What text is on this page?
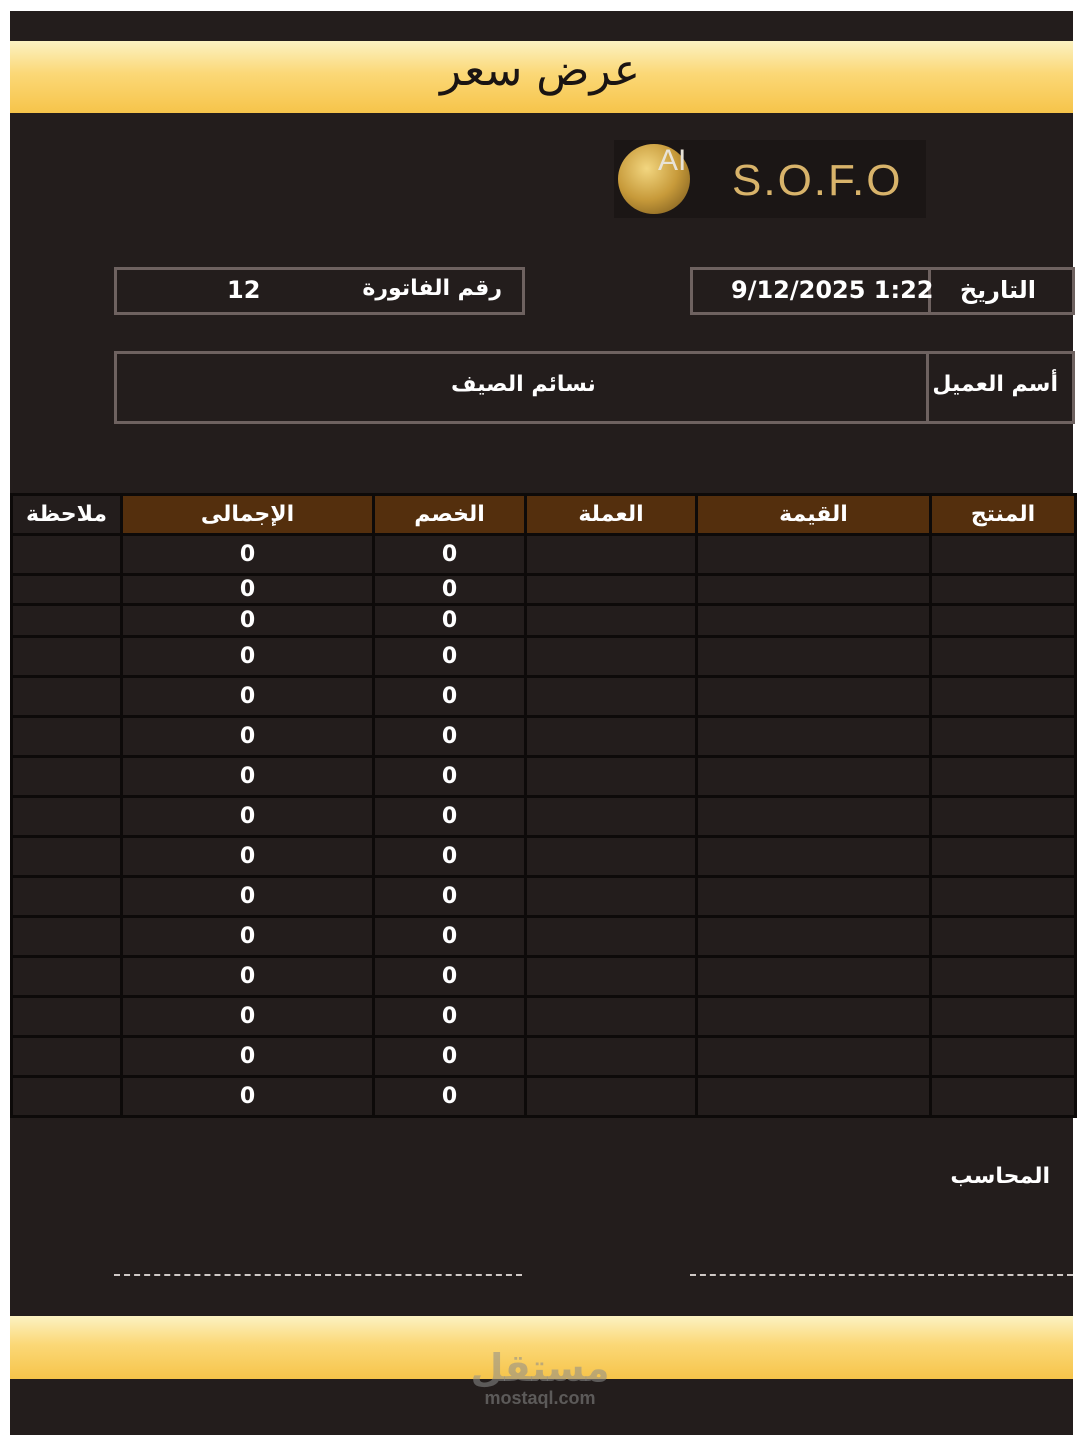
عرض سعر
AI S.O.F.O
التاريخ
9/12/2025 1:22
رقم الفاتورة
12
أسم العميل
نسائم الصيف
المنتج	القيمة	العملة	الخصم	الإجمالى	ملاحظة
			0	0	
			0	0	
			0	0	
			0	0	
			0	0	
			0	0	
			0	0	
			0	0	
			0	0	
			0	0	
			0	0	
			0	0	
			0	0	
			0	0	
			0	0	
المحاسب
مستقل
mostaql.com
